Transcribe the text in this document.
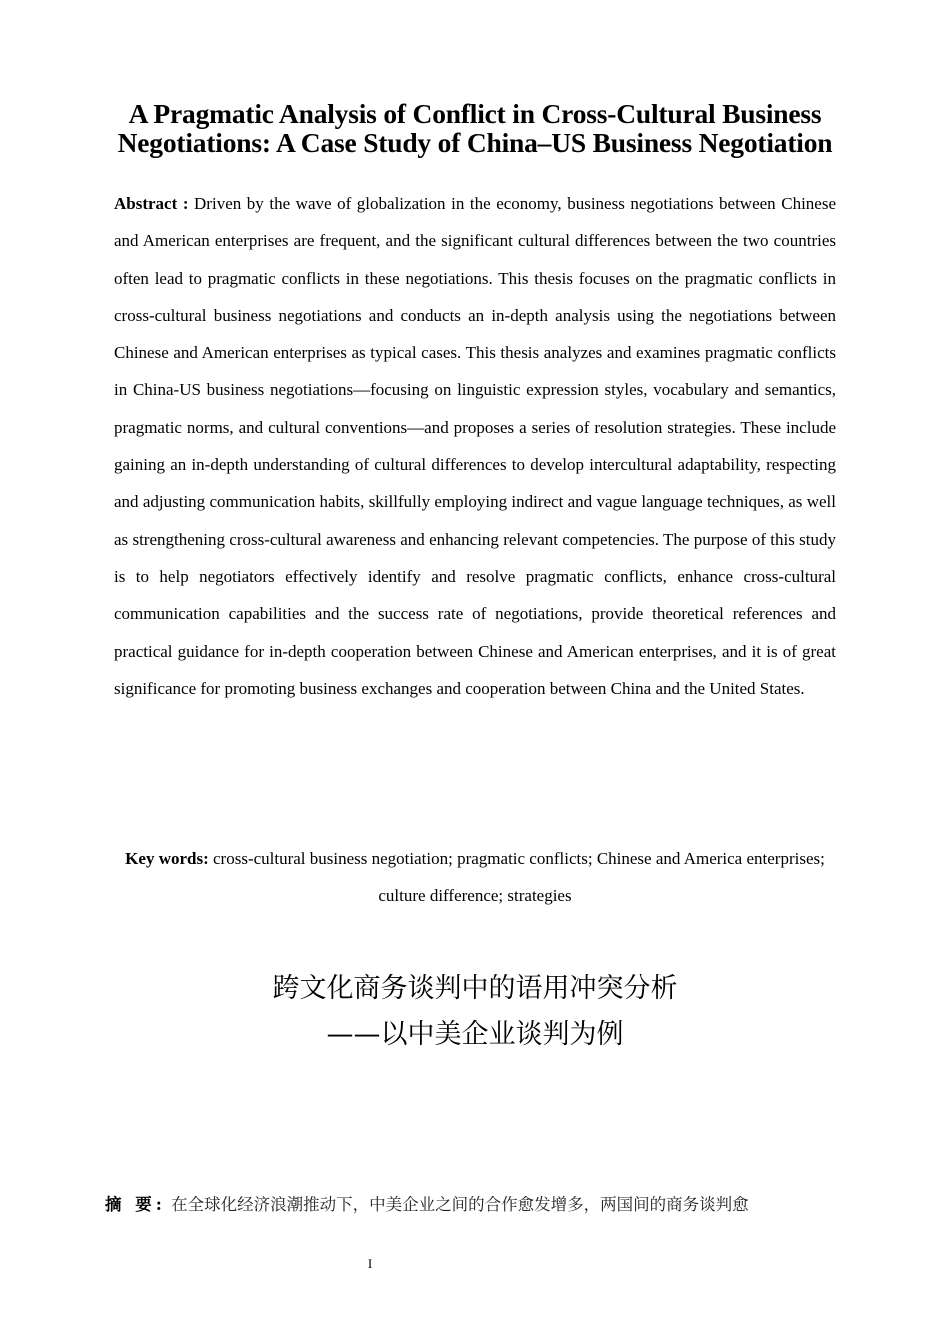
A Pragmatic Analysis of Conflict in Cross-Cultural Business Negotiations: A Case Study of China–US Business Negotiation
Abstract : Driven by the wave of globalization in the economy, business negotiations between Chinese and American enterprises are frequent, and the significant cultural differences between the two countries often lead to pragmatic conflicts in these negotiations. This thesis focuses on the pragmatic conflicts in cross-cultural business negotiations and conducts an in-depth analysis using the negotiations between Chinese and American enterprises as typical cases. This thesis analyzes and examines pragmatic conflicts in China-US business negotiations—focusing on linguistic expression styles, vocabulary and semantics, pragmatic norms, and cultural conventions—and proposes a series of resolution strategies. These include gaining an in-depth understanding of cultural differences to develop intercultural adaptability, respecting and adjusting communication habits, skillfully employing indirect and vague language techniques, as well as strengthening cross-cultural awareness and enhancing relevant competencies. The purpose of this study is to help negotiators effectively identify and resolve pragmatic conflicts, enhance cross-cultural communication capabilities and the success rate of negotiations, provide theoretical references and practical guidance for in-depth cooperation between Chinese and American enterprises, and it is of great significance for promoting business exchanges and cooperation between China and the United States.
Key words: cross-cultural business negotiation; pragmatic conflicts; Chinese and America enterprises; culture difference; strategies
跨文化商务谈判中的语用冲突分析
——以中美企业谈判为例
摘 要: 在全球化经济浪潮推动下，中美企业之间的合作愈发增多，两国间的商务谈判愈
I
